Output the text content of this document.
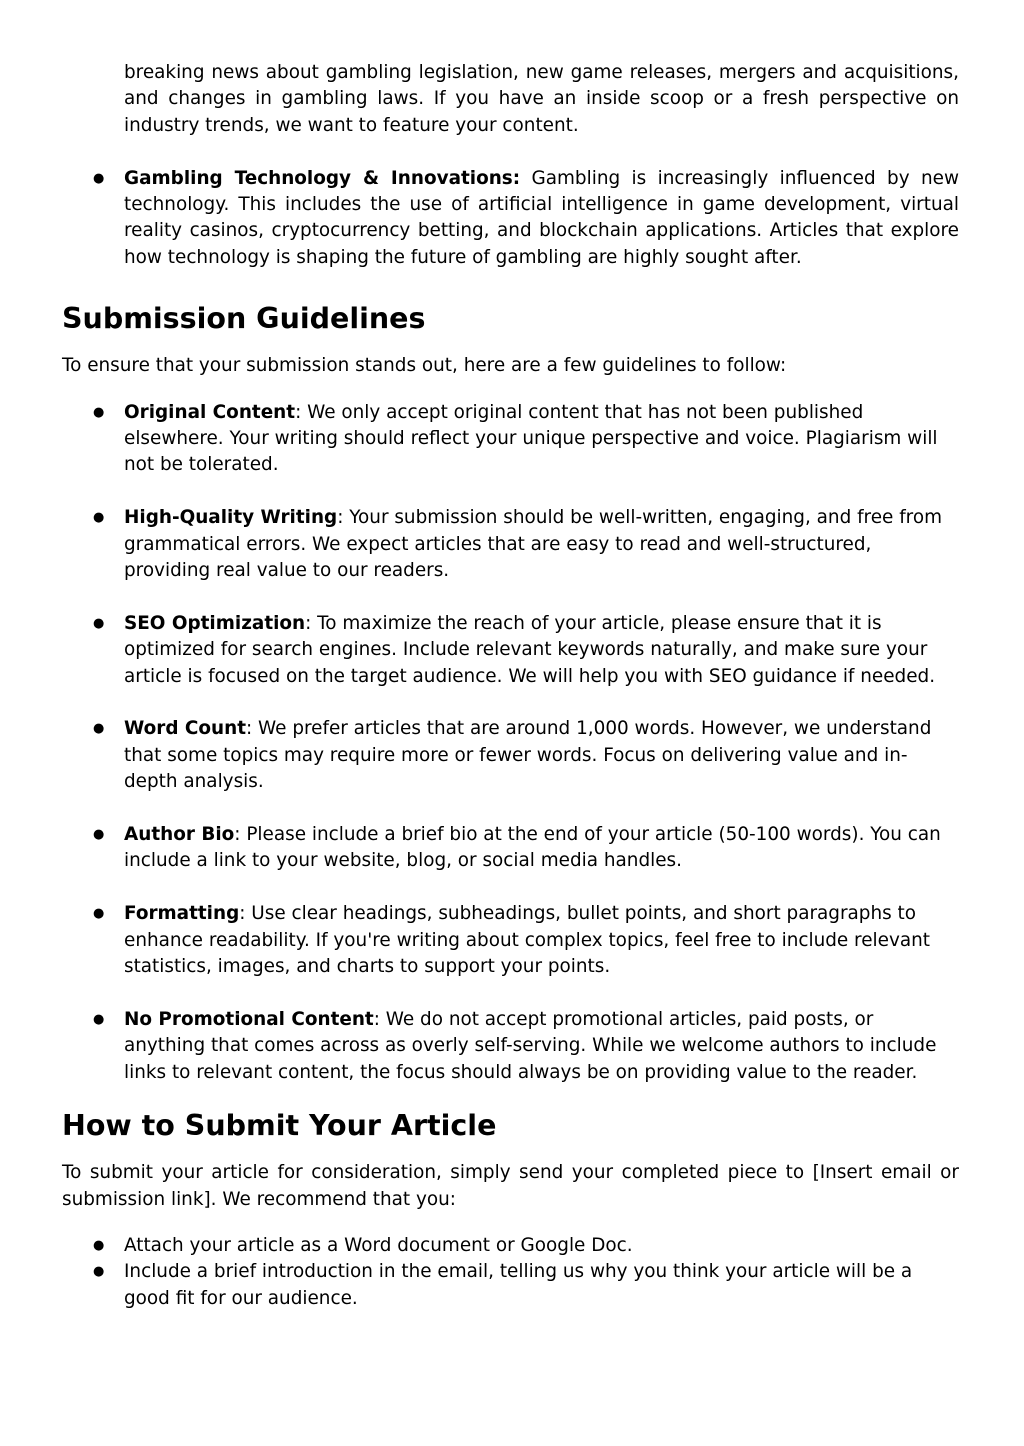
breaking news about gambling legislation, new game releases, mergers and acquisitions, and changes in gambling laws. If you have an inside scoop or a fresh perspective on industry trends, we want to feature your content.
● Gambling Technology & Innovations: Gambling is increasingly influenced by new technology. This includes the use of artificial intelligence in game development, virtual reality casinos, cryptocurrency betting, and blockchain applications. Articles that explore how technology is shaping the future of gambling are highly sought after.
Submission Guidelines

To ensure that your submission stands out, here are a few guidelines to follow:

● Original Content: We only accept original content that has not been published elsewhere. Your writing should reflect your unique perspective and voice. Plagiarism will not be tolerated.
● High-Quality Writing: Your submission should be well-written, engaging, and free from grammatical errors. We expect articles that are easy to read and well-structured, providing real value to our readers.
● SEO Optimization: To maximize the reach of your article, please ensure that it is optimized for search engines. Include relevant keywords naturally, and make sure your article is focused on the target audience. We will help you with SEO guidance if needed.
● Word Count: We prefer articles that are around 1,000 words. However, we understand that some topics may require more or fewer words. Focus on delivering value and in-depth analysis.
● Author Bio: Please include a brief bio at the end of your article (50-100 words). You can include a link to your website, blog, or social media handles.
● Formatting: Use clear headings, subheadings, bullet points, and short paragraphs to enhance readability. If you're writing about complex topics, feel free to include relevant statistics, images, and charts to support your points.
● No Promotional Content: We do not accept promotional articles, paid posts, or anything that comes across as overly self-serving. While we welcome authors to include links to relevant content, the focus should always be on providing value to the reader.
How to Submit Your Article

To submit your article for consideration, simply send your completed piece to [Insert email or submission link]. We recommend that you:

● Attach your article as a Word document or Google Doc.
● Include a brief introduction in the email, telling us why you think your article will be a good fit for our audience.
